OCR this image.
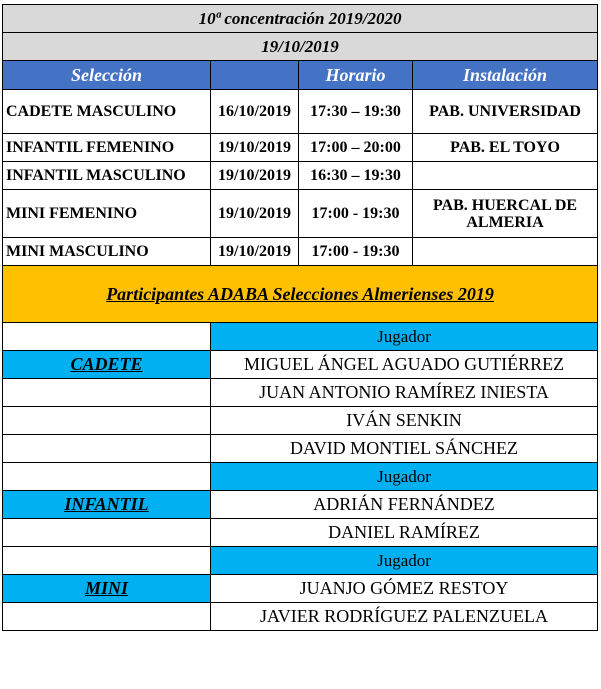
10ª concentración 2019/2020			
19/10/2019			
Selección		Horario	Instalación
CADETE MASCULINO	16/10/2019	17:30 – 19:30	PAB. UNIVERSIDAD
INFANTIL FEMENINO	19/10/2019	17:00 – 20:00	PAB. EL TOYO
INFANTIL MASCULINO	19/10/2019	16:30 – 19:30	
MINI FEMENINO	19/10/2019	17:00 - 19:30	PAB. HUERCAL DE ALMERIA
MINI MASCULINO	19/10/2019	17:00 - 19:30	
Participantes ADABA Selecciones Almerienses 2019			
	Jugador		
CADETE	MIGUEL ÁNGEL AGUADO GUTIÉRREZ		
	JUAN ANTONIO RAMÍREZ INIESTA		
	IVÁN SENKIN		
	DAVID MONTIEL SÁNCHEZ		
	Jugador		
INFANTIL	ADRIÁN FERNÁNDEZ		
	DANIEL RAMÍREZ		
	Jugador		
MINI	JUANJO GÓMEZ RESTOY		
	JAVIER RODRÍGUEZ PALENZUELA		
